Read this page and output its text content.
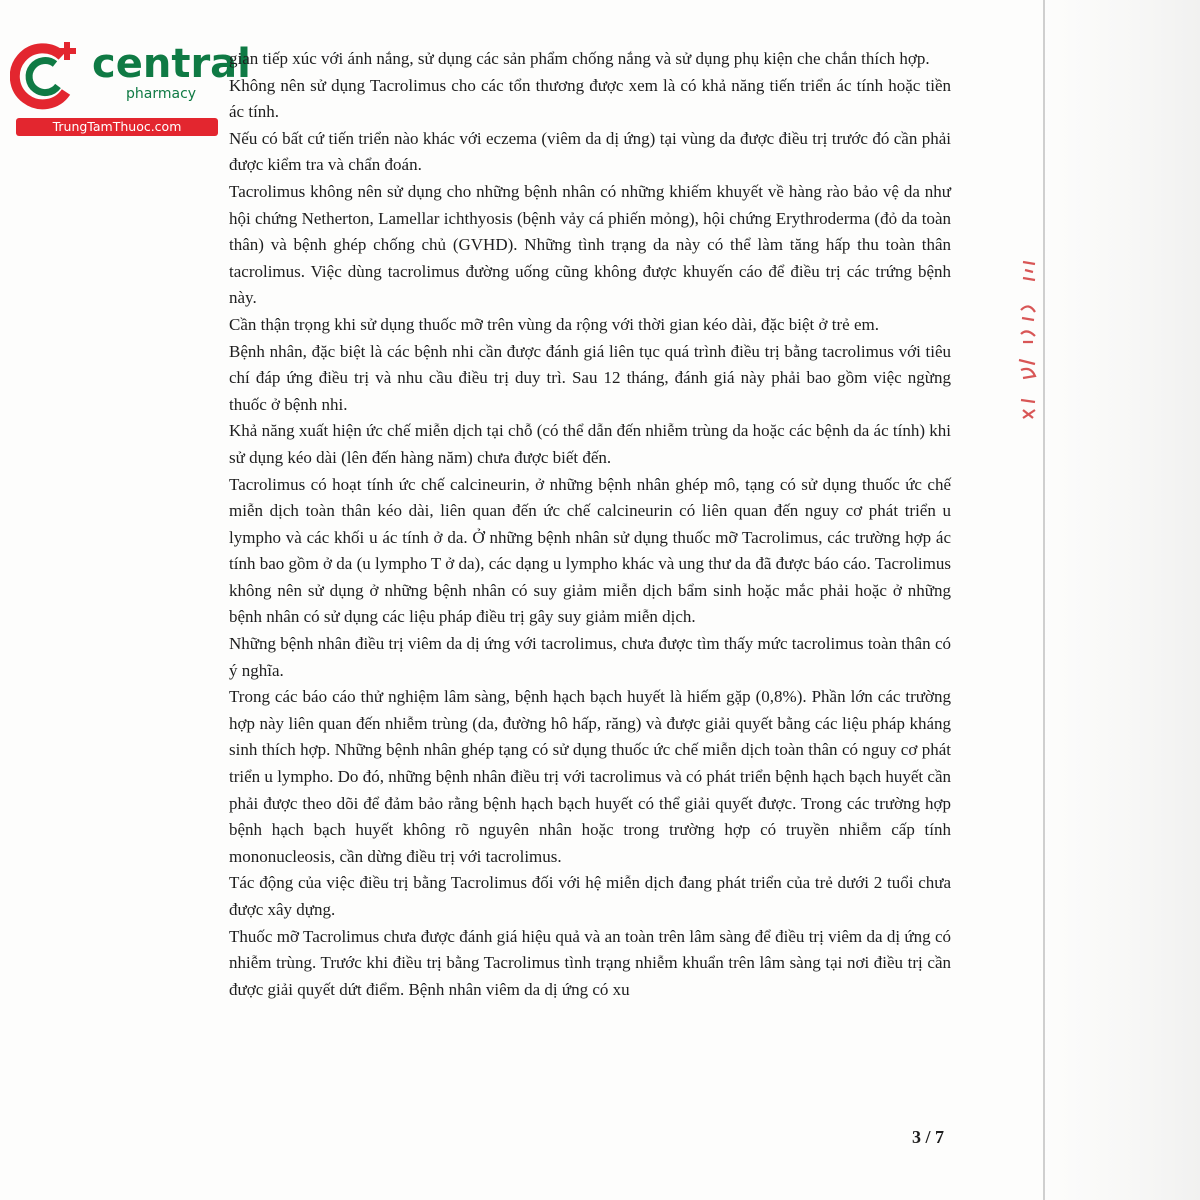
central
pharmacy
TrungTamThuoc.com

gian tiếp xúc với ánh nắng, sử dụng các sản phẩm chống nắng và sử dụng phụ kiện che chắn thích hợp.

Không nên sử dụng Tacrolimus cho các tổn thương được xem là có khả năng tiến triển ác tính hoặc tiền ác tính.

Nếu có bất cứ tiến triển nào khác với eczema (viêm da dị ứng) tại vùng da được điều trị trước đó cần phải được kiểm tra và chẩn đoán.

Tacrolimus không nên sử dụng cho những bệnh nhân có những khiếm khuyết về hàng rào bảo vệ da như hội chứng Netherton, Lamellar ichthyosis (bệnh vảy cá phiến mỏng), hội chứng Erythroderma (đỏ da toàn thân) và bệnh ghép chống chủ (GVHD). Những tình trạng da này có thể làm tăng hấp thu toàn thân tacrolimus. Việc dùng tacrolimus đường uống cũng không được khuyến cáo để điều trị các trứng bệnh này.

Cần thận trọng khi sử dụng thuốc mỡ trên vùng da rộng với thời gian kéo dài, đặc biệt ở trẻ em.

Bệnh nhân, đặc biệt là các bệnh nhi cần được đánh giá liên tục quá trình điều trị bằng tacrolimus với tiêu chí đáp ứng điều trị và nhu cầu điều trị duy trì. Sau 12 tháng, đánh giá này phải bao gồm việc ngừng thuốc ở bệnh nhi.

Khả năng xuất hiện ức chế miễn dịch tại chỗ (có thể dẫn đến nhiễm trùng da hoặc các bệnh da ác tính) khi sử dụng kéo dài (lên đến hàng năm) chưa được biết đến.

Tacrolimus có hoạt tính ức chế calcineurin, ở những bệnh nhân ghép mô, tạng có sử dụng thuốc ức chế miễn dịch toàn thân kéo dài, liên quan đến ức chế calcineurin có liên quan đến nguy cơ phát triển u lympho và các khối u ác tính ở da. Ở những bệnh nhân sử dụng thuốc mỡ Tacrolimus, các trường hợp ác tính bao gồm ở da (u lympho T ở da), các dạng u lympho khác và ung thư da đã được báo cáo. Tacrolimus không nên sử dụng ở những bệnh nhân có suy giảm miễn dịch bẩm sinh hoặc mắc phải hoặc ở những bệnh nhân có sử dụng các liệu pháp điều trị gây suy giảm miễn dịch.

Những bệnh nhân điều trị viêm da dị ứng với tacrolimus, chưa được tìm thấy mức tacrolimus toàn thân có ý nghĩa.

Trong các báo cáo thử nghiệm lâm sàng, bệnh hạch bạch huyết là hiếm gặp (0,8%). Phần lớn các trường hợp này liên quan đến nhiễm trùng (da, đường hô hấp, răng) và được giải quyết bằng các liệu pháp kháng sinh thích hợp. Những bệnh nhân ghép tạng có sử dụng thuốc ức chế miễn dịch toàn thân có nguy cơ phát triển u lympho. Do đó, những bệnh nhân điều trị với tacrolimus và có phát triển bệnh hạch bạch huyết cần phải được theo dõi để đảm bảo rằng bệnh hạch bạch huyết có thể giải quyết được. Trong các trường hợp bệnh hạch bạch huyết không rõ nguyên nhân hoặc trong trường hợp có truyền nhiễm cấp tính mononucleosis, cần dừng điều trị với tacrolimus.

Tác động của việc điều trị bằng Tacrolimus đối với hệ miễn dịch đang phát triển của trẻ dưới 2 tuổi chưa được xây dựng.

Thuốc mỡ Tacrolimus chưa được đánh giá hiệu quả và an toàn trên lâm sàng để điều trị viêm da dị ứng có nhiễm trùng. Trước khi điều trị bằng Tacrolimus tình trạng nhiễm khuẩn trên lâm sàng tại nơi điều trị cần được giải quyết dứt điểm. Bệnh nhân viêm da dị ứng có xu

3 / 7
